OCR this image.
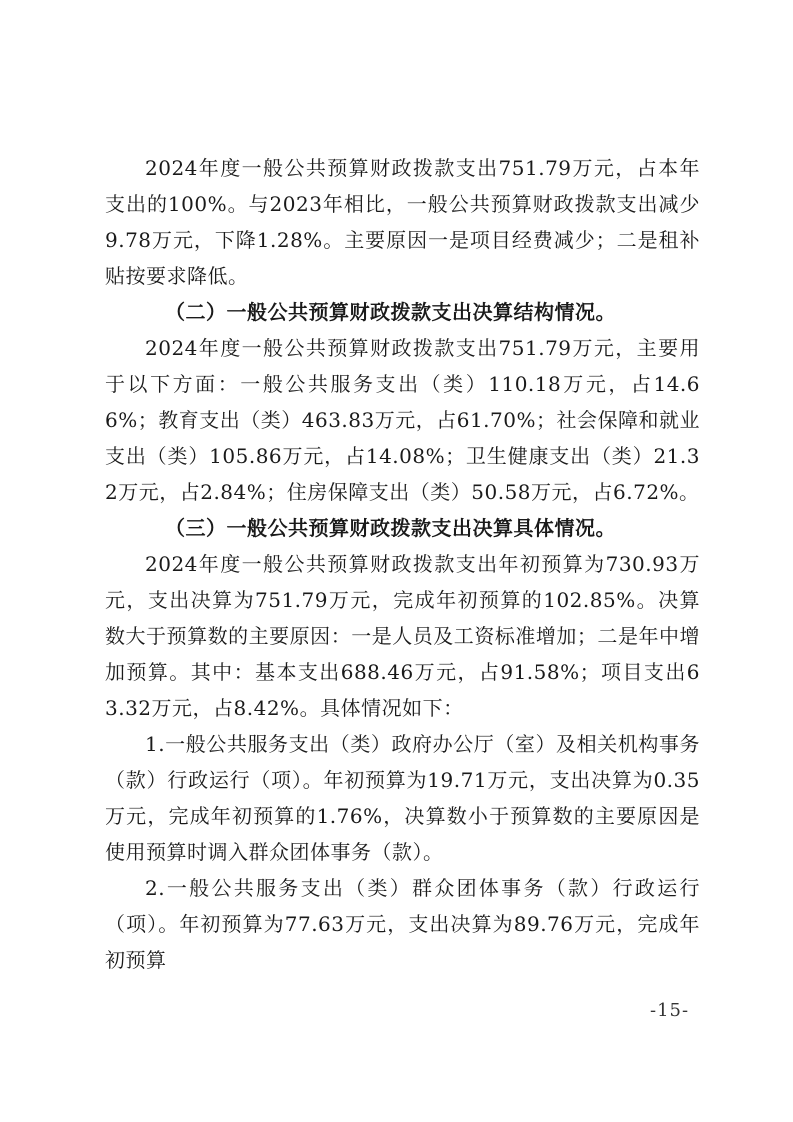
2024年度一般公共预算财政拨款支出751.79万元，占本年支出的100%。与2023年相比，一般公共预算财政拨款支出减少9.78万元，下降1.28%。主要原因一是项目经费减少；二是租补贴按要求降低。

（二）一般公共预算财政拨款支出决算结构情况。

2024年度一般公共预算财政拨款支出751.79万元，主要用于以下方面：一般公共服务支出（类）110.18万元，占14.66%；教育支出（类）463.83万元，占61.70%；社会保障和就业支出（类）105.86万元，占14.08%；卫生健康支出（类）21.32万元，占2.84%；住房保障支出（类）50.58万元，占6.72%。

（三）一般公共预算财政拨款支出决算具体情况。

2024年度一般公共预算财政拨款支出年初预算为730.93万元，支出决算为751.79万元，完成年初预算的102.85%。决算数大于预算数的主要原因：一是人员及工资标准增加；二是年中增加预算。其中：基本支出688.46万元，占91.58%；项目支出63.32万元，占8.42%。具体情况如下：

1.一般公共服务支出（类）政府办公厅（室）及相关机构事务（款）行政运行（项）。年初预算为19.71万元，支出决算为0.35万元，完成年初预算的1.76%，决算数小于预算数的主要原因是使用预算时调入群众团体事务（款）。

2.一般公共服务支出（类）群众团体事务（款）行政运行（项）。年初预算为77.63万元，支出决算为89.76万元，完成年初预算

-15-
